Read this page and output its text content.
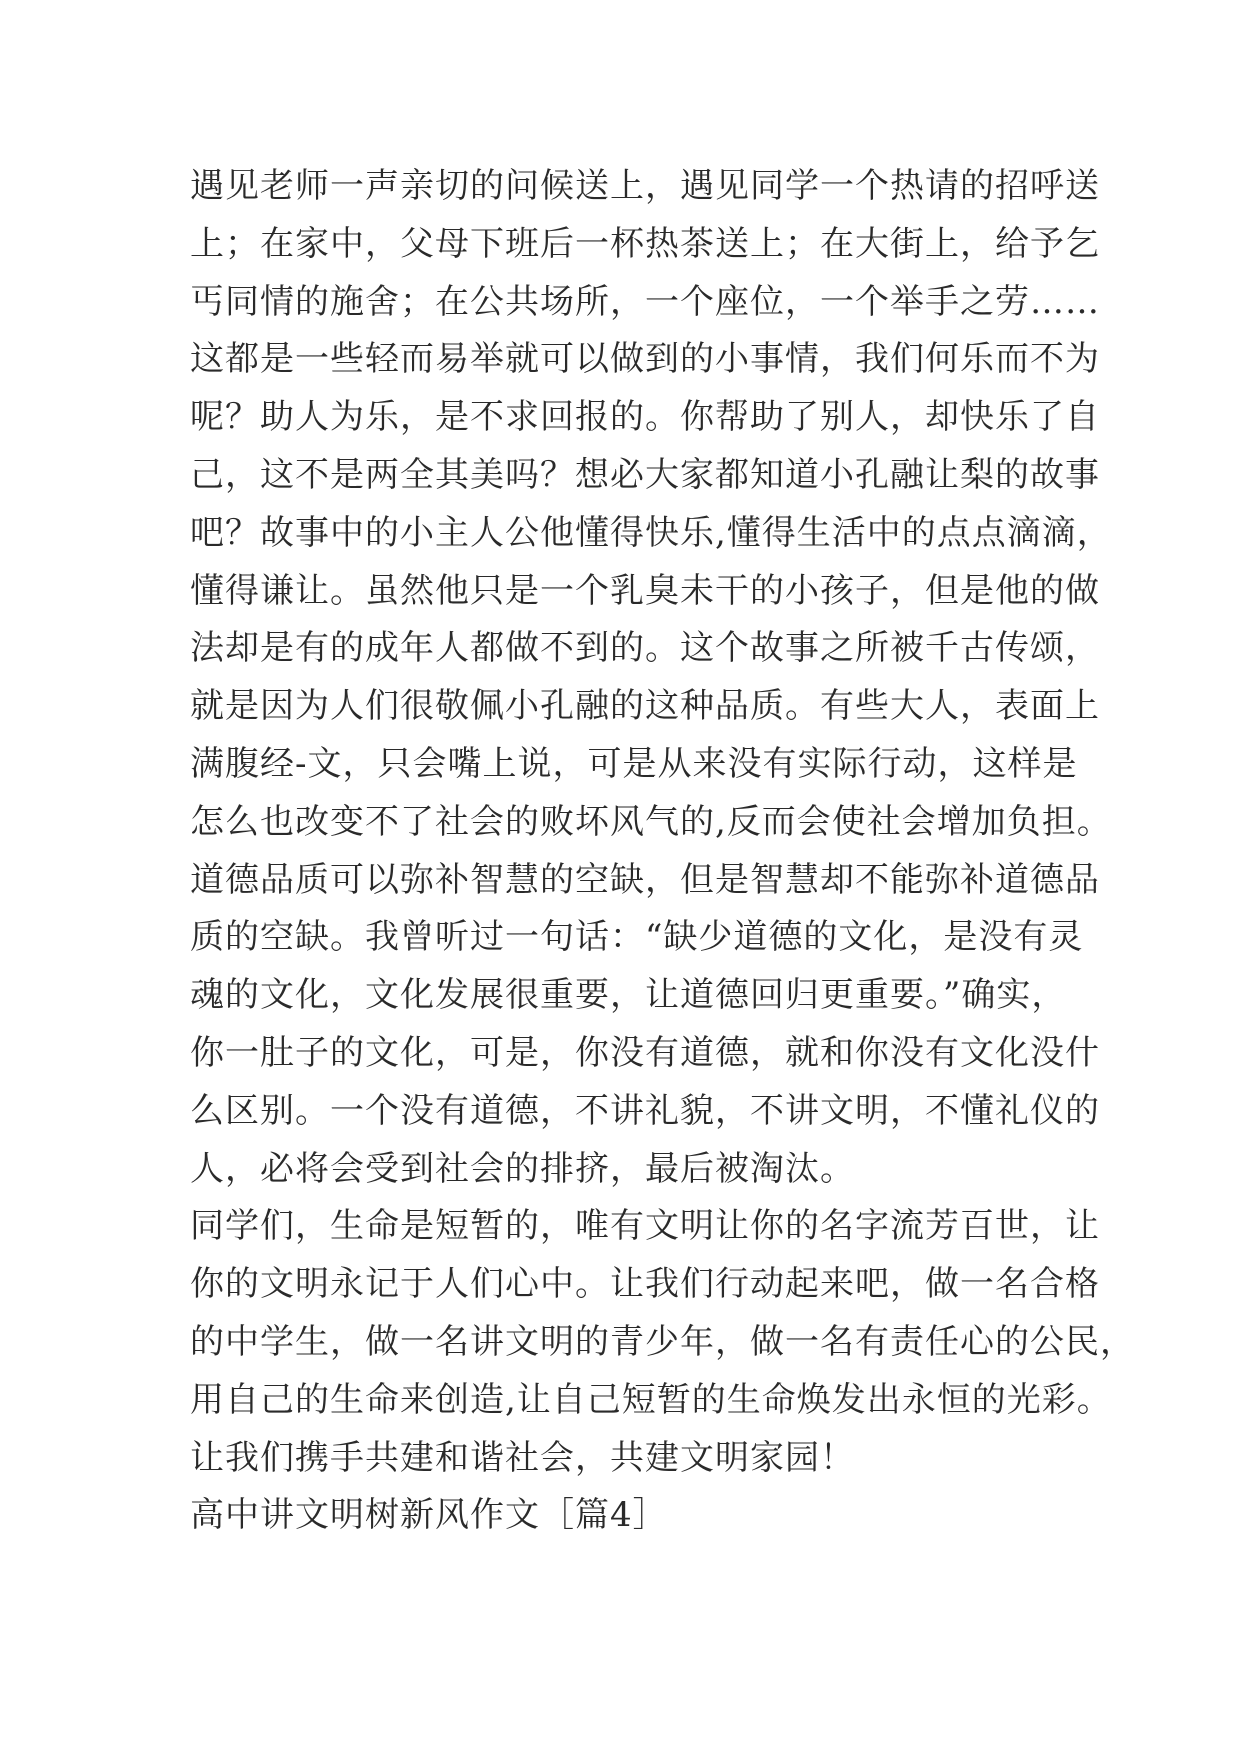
遇见老师一声亲切的问候送上，遇见同学一个热请的招呼送
上；在家中，父母下班后一杯热茶送上；在大街上，给予乞
丐同情的施舍；在公共场所，一个座位，一个举手之劳……
这都是一些轻而易举就可以做到的小事情，我们何乐而不为
呢？助人为乐，是不求回报的。你帮助了别人，却快乐了自
己，这不是两全其美吗？想必大家都知道小孔融让梨的故事
吧？故事中的小主人公他懂得快乐,懂得生活中的点点滴滴，
懂得谦让。虽然他只是一个乳臭未干的小孩子，但是他的做
法却是有的成年人都做不到的。这个故事之所被千古传颂，
就是因为人们很敬佩小孔融的这种品质。有些大人，表面上
满腹经-文，只会嘴上说，可是从来没有实际行动，这样是
怎么也改变不了社会的败坏风气的,反而会使社会增加负担。
道德品质可以弥补智慧的空缺，但是智慧却不能弥补道德品
质的空缺。我曾听过一句话：“缺少道德的文化，是没有灵
魂的文化，文化发展很重要，让道德回归更重要。”确实，
你一肚子的文化，可是，你没有道德，就和你没有文化没什
么区别。一个没有道德，不讲礼貌，不讲文明，不懂礼仪的
人，必将会受到社会的排挤，最后被淘汰。
同学们，生命是短暂的，唯有文明让你的名字流芳百世，让
你的文明永记于人们心中。让我们行动起来吧，做一名合格
的中学生，做一名讲文明的青少年，做一名有责任心的公民，
用自己的生命来创造,让自己短暂的生命焕发出永恒的光彩。
让我们携手共建和谐社会，共建文明家园！
高中讲文明树新风作文［篇4］
